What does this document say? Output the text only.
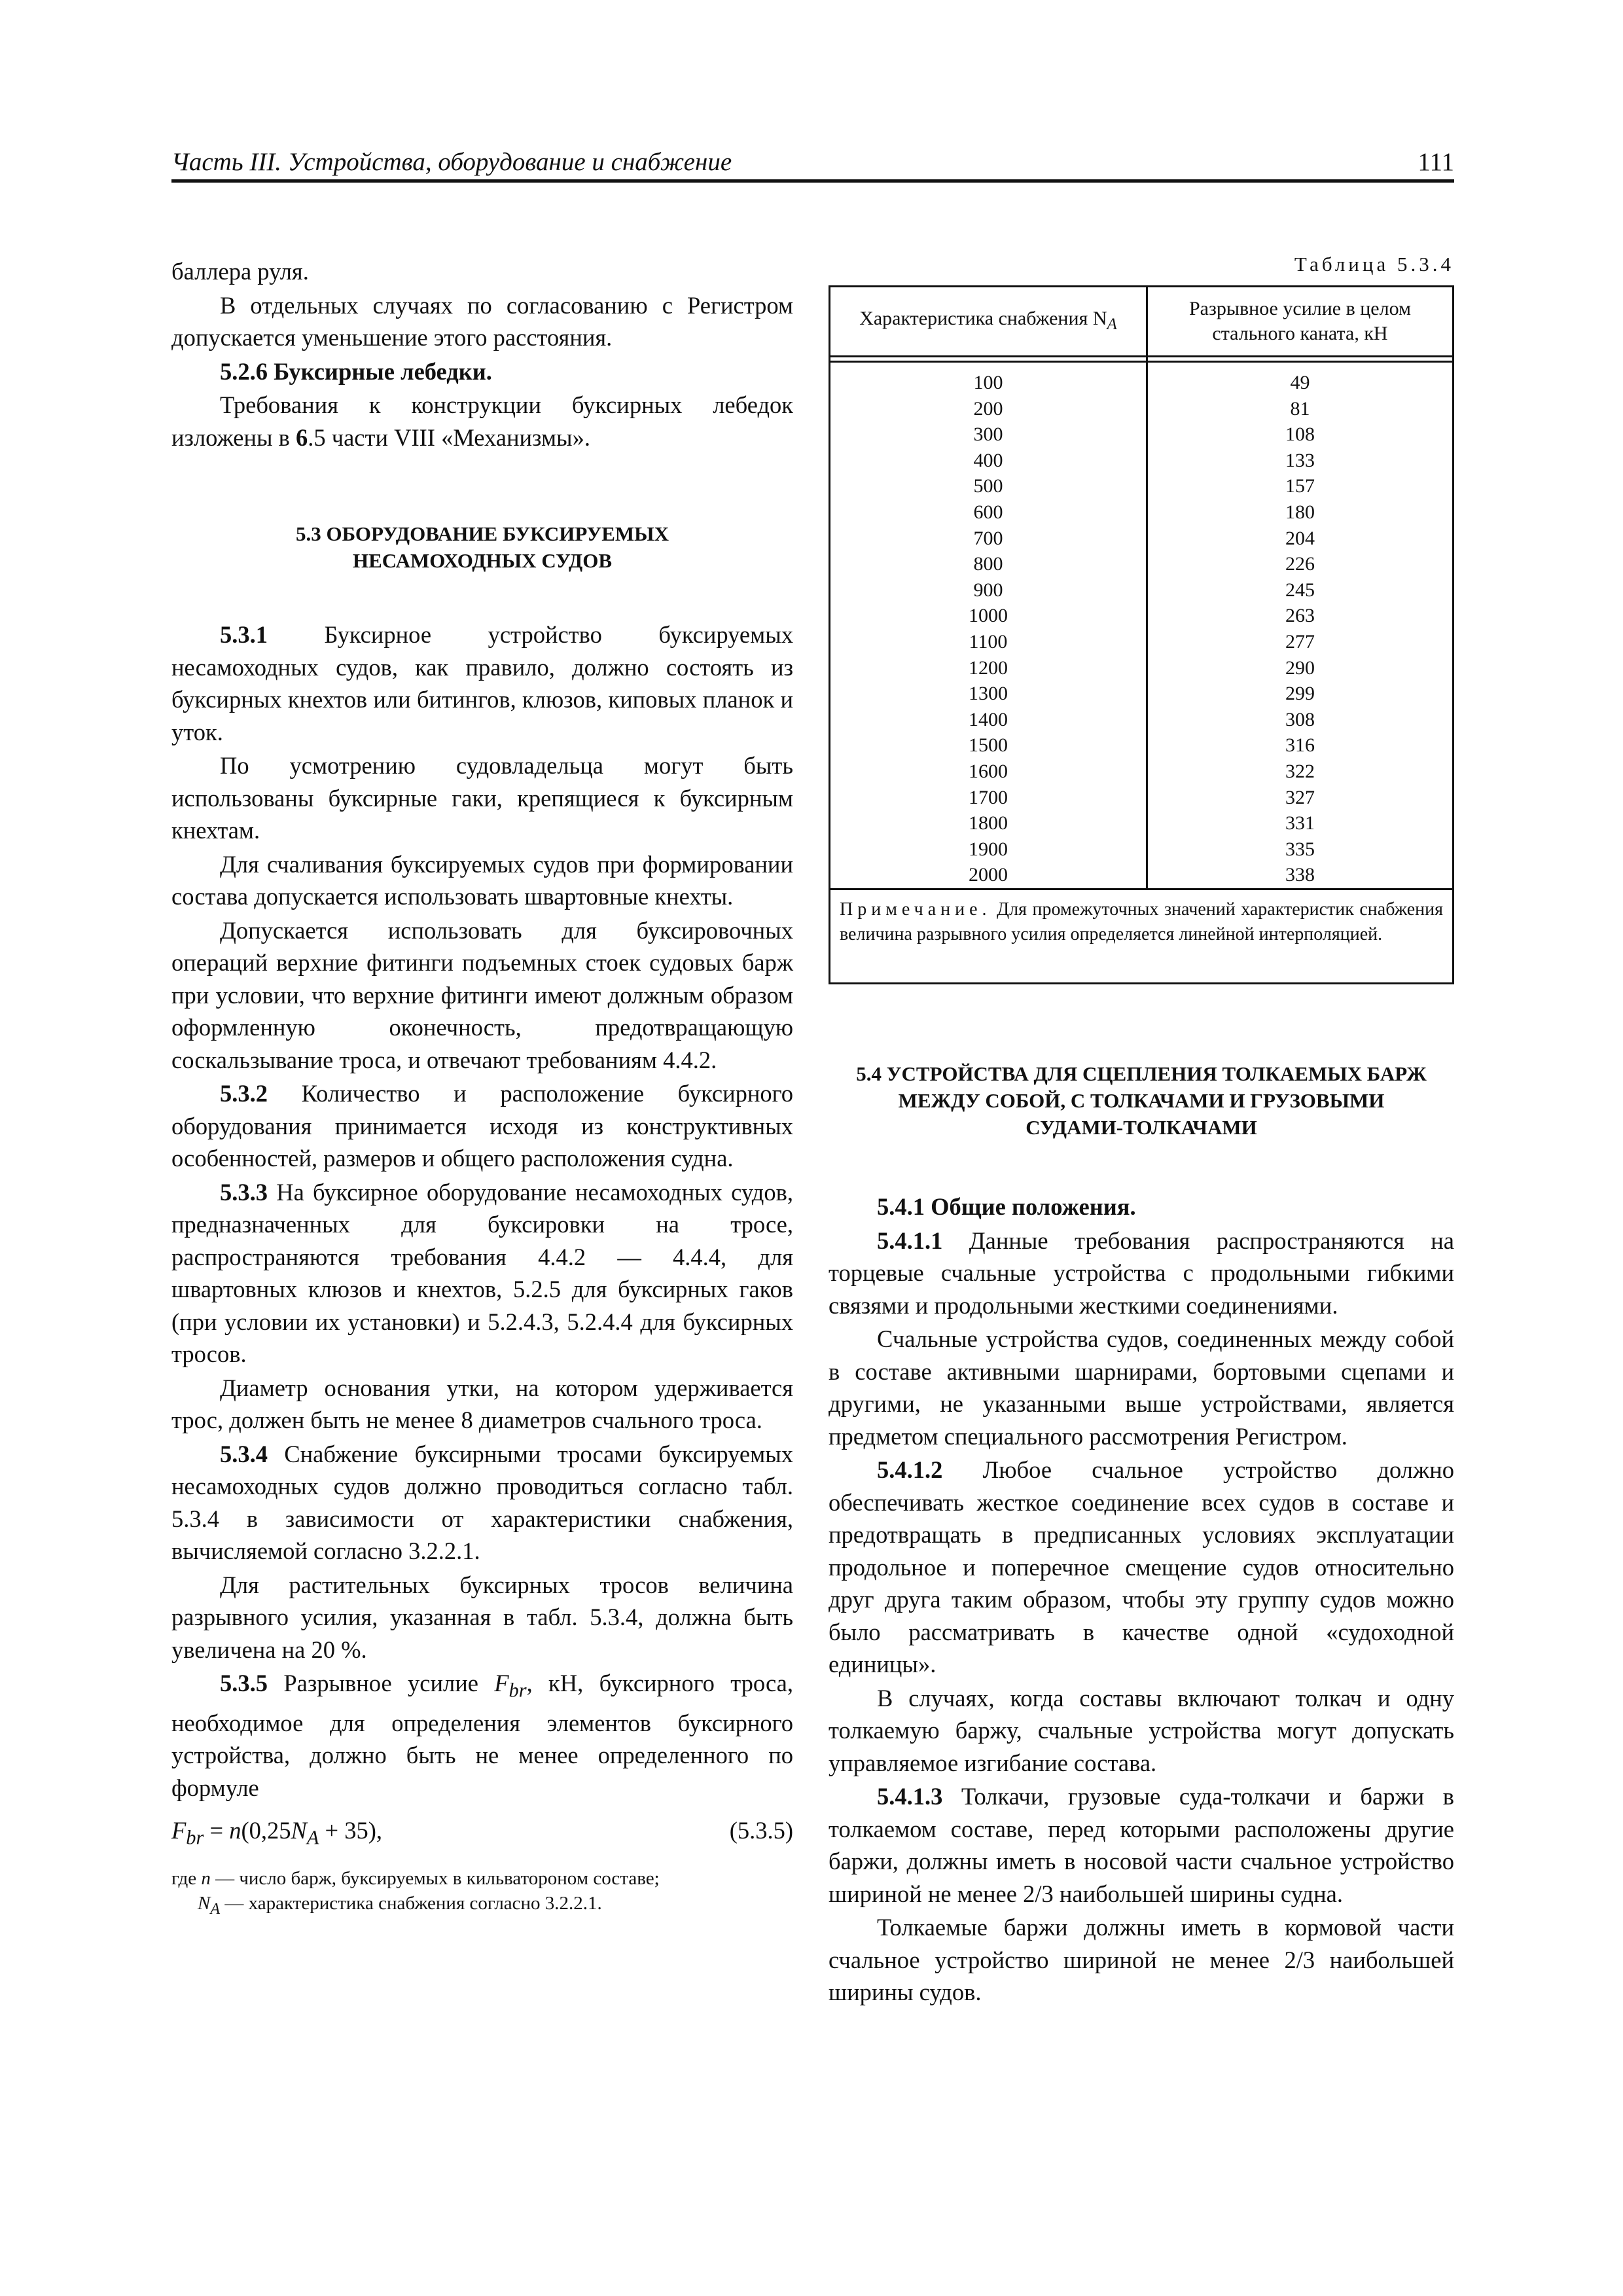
Часть III. Устройства, оборудование и снабжение	111

баллера руля.

В отдельных случаях по согласованию с Регистром допускается уменьшение этого расстояния.

5.2.6 Буксирные лебедки.

Требования к конструкции буксирных лебедок изложены в 6.5 части VIII «Механизмы».

5.3 ОБОРУДОВАНИЕ БУКСИРУЕМЫХ
НЕСАМОХОДНЫХ СУДОВ

5.3.1 Буксирное устройство буксируемых несамоходных судов, как правило, должно состоять из буксирных кнехтов или битингов, клюзов, киповых планок и уток.

По усмотрению судовладельца могут быть использованы буксирные гаки, крепящиеся к буксирным кнехтам.

Для счаливания буксируемых судов при формировании состава допускается использовать швартовные кнехты.

Допускается использовать для буксировочных операций верхние фитинги подъемных стоек судовых барж при условии, что верхние фитинги имеют должным образом оформленную оконечность, предотвращающую соскальзывание троса, и отвечают требованиям 4.4.2.

5.3.2 Количество и расположение буксирного оборудования принимается исходя из конструктивных особенностей, размеров и общего расположения судна.

5.3.3 На буксирное оборудование несамоходных судов, предназначенных для буксировки на тросе, распространяются требования 4.4.2 — 4.4.4, для швартовных клюзов и кнехтов, 5.2.5 для буксирных гаков (при условии их установки) и 5.2.4.3, 5.2.4.4 для буксирных тросов.

Диаметр основания утки, на котором удерживается трос, должен быть не менее 8 диаметров счального троса.

5.3.4 Снабжение буксирными тросами буксируемых несамоходных судов должно проводиться согласно табл. 5.3.4 в зависимости от характеристики снабжения, вычисляемой согласно 3.2.2.1.

Для растительных буксирных тросов величина разрывного усилия, указанная в табл. 5.3.4, должна быть увеличена на 20 %.

5.3.5 Разрывное усилие $F_{br}$, кН, буксирного троса, необходимое для определения элементов буксирного устройства, должно быть не менее определенного по формуле

$F_{br} = n(0,25N_A + 35)$,	(5.3.5)
где n — число барж, буксируемых в кильватороном составе;
$N_A$ — характеристика снабжения согласно 3.2.2.1.
Таблица 5.3.4
Характеристика снабжения $N_A$
Разрывное усилие в целом стального каната, кН
100	49
200	81
300	108
400	133
500	157
600	180
700	204
800	226
900	245
1000	263
1100	277
1200	290
1300	299
1400	308
1500	316
1600	322
1700	327
1800	331
1900	335
2000	338
Примечание. Для промежуточных значений характеристик снабжения величина разрывного усилия определяется линейной интерполяцией.
5.4 УСТРОЙСТВА ДЛЯ СЦЕПЛЕНИЯ ТОЛКАЕМЫХ БАРЖ
МЕЖДУ СОБОЙ, С ТОЛКАЧАМИ И ГРУЗОВЫМИ
СУДАМИ-ТОЛКАЧАМИ

5.4.1 Общие положения.

5.4.1.1 Данные требования распространяются на торцевые счальные устройства с продольными гибкими связями и продольными жесткими соединениями.

Счальные устройства судов, соединенных между собой в составе активными шарнирами, бортовыми сцепами и другими, не указанными выше устройствами, является предметом специального рассмотрения Регистром.

5.4.1.2 Любое счальное устройство должно обеспечивать жесткое соединение всех судов в составе и предотвращать в предписанных условиях эксплуатации продольное и поперечное смещение судов относительно друг друга таким образом, чтобы эту группу судов можно было рассматривать в качестве одной «судоходной единицы».

В случаях, когда составы включают толкач и одну толкаемую баржу, счальные устройства могут допускать управляемое изгибание состава.

5.4.1.3 Толкачи, грузовые суда-толкачи и баржи в толкаемом составе, перед которыми расположены другие баржи, должны иметь в носовой части счальное устройство шириной не менее 2/3 наибольшей ширины судна.

Толкаемые баржи должны иметь в кормовой части счальное устройство шириной не менее 2/3 наибольшей ширины судов.
